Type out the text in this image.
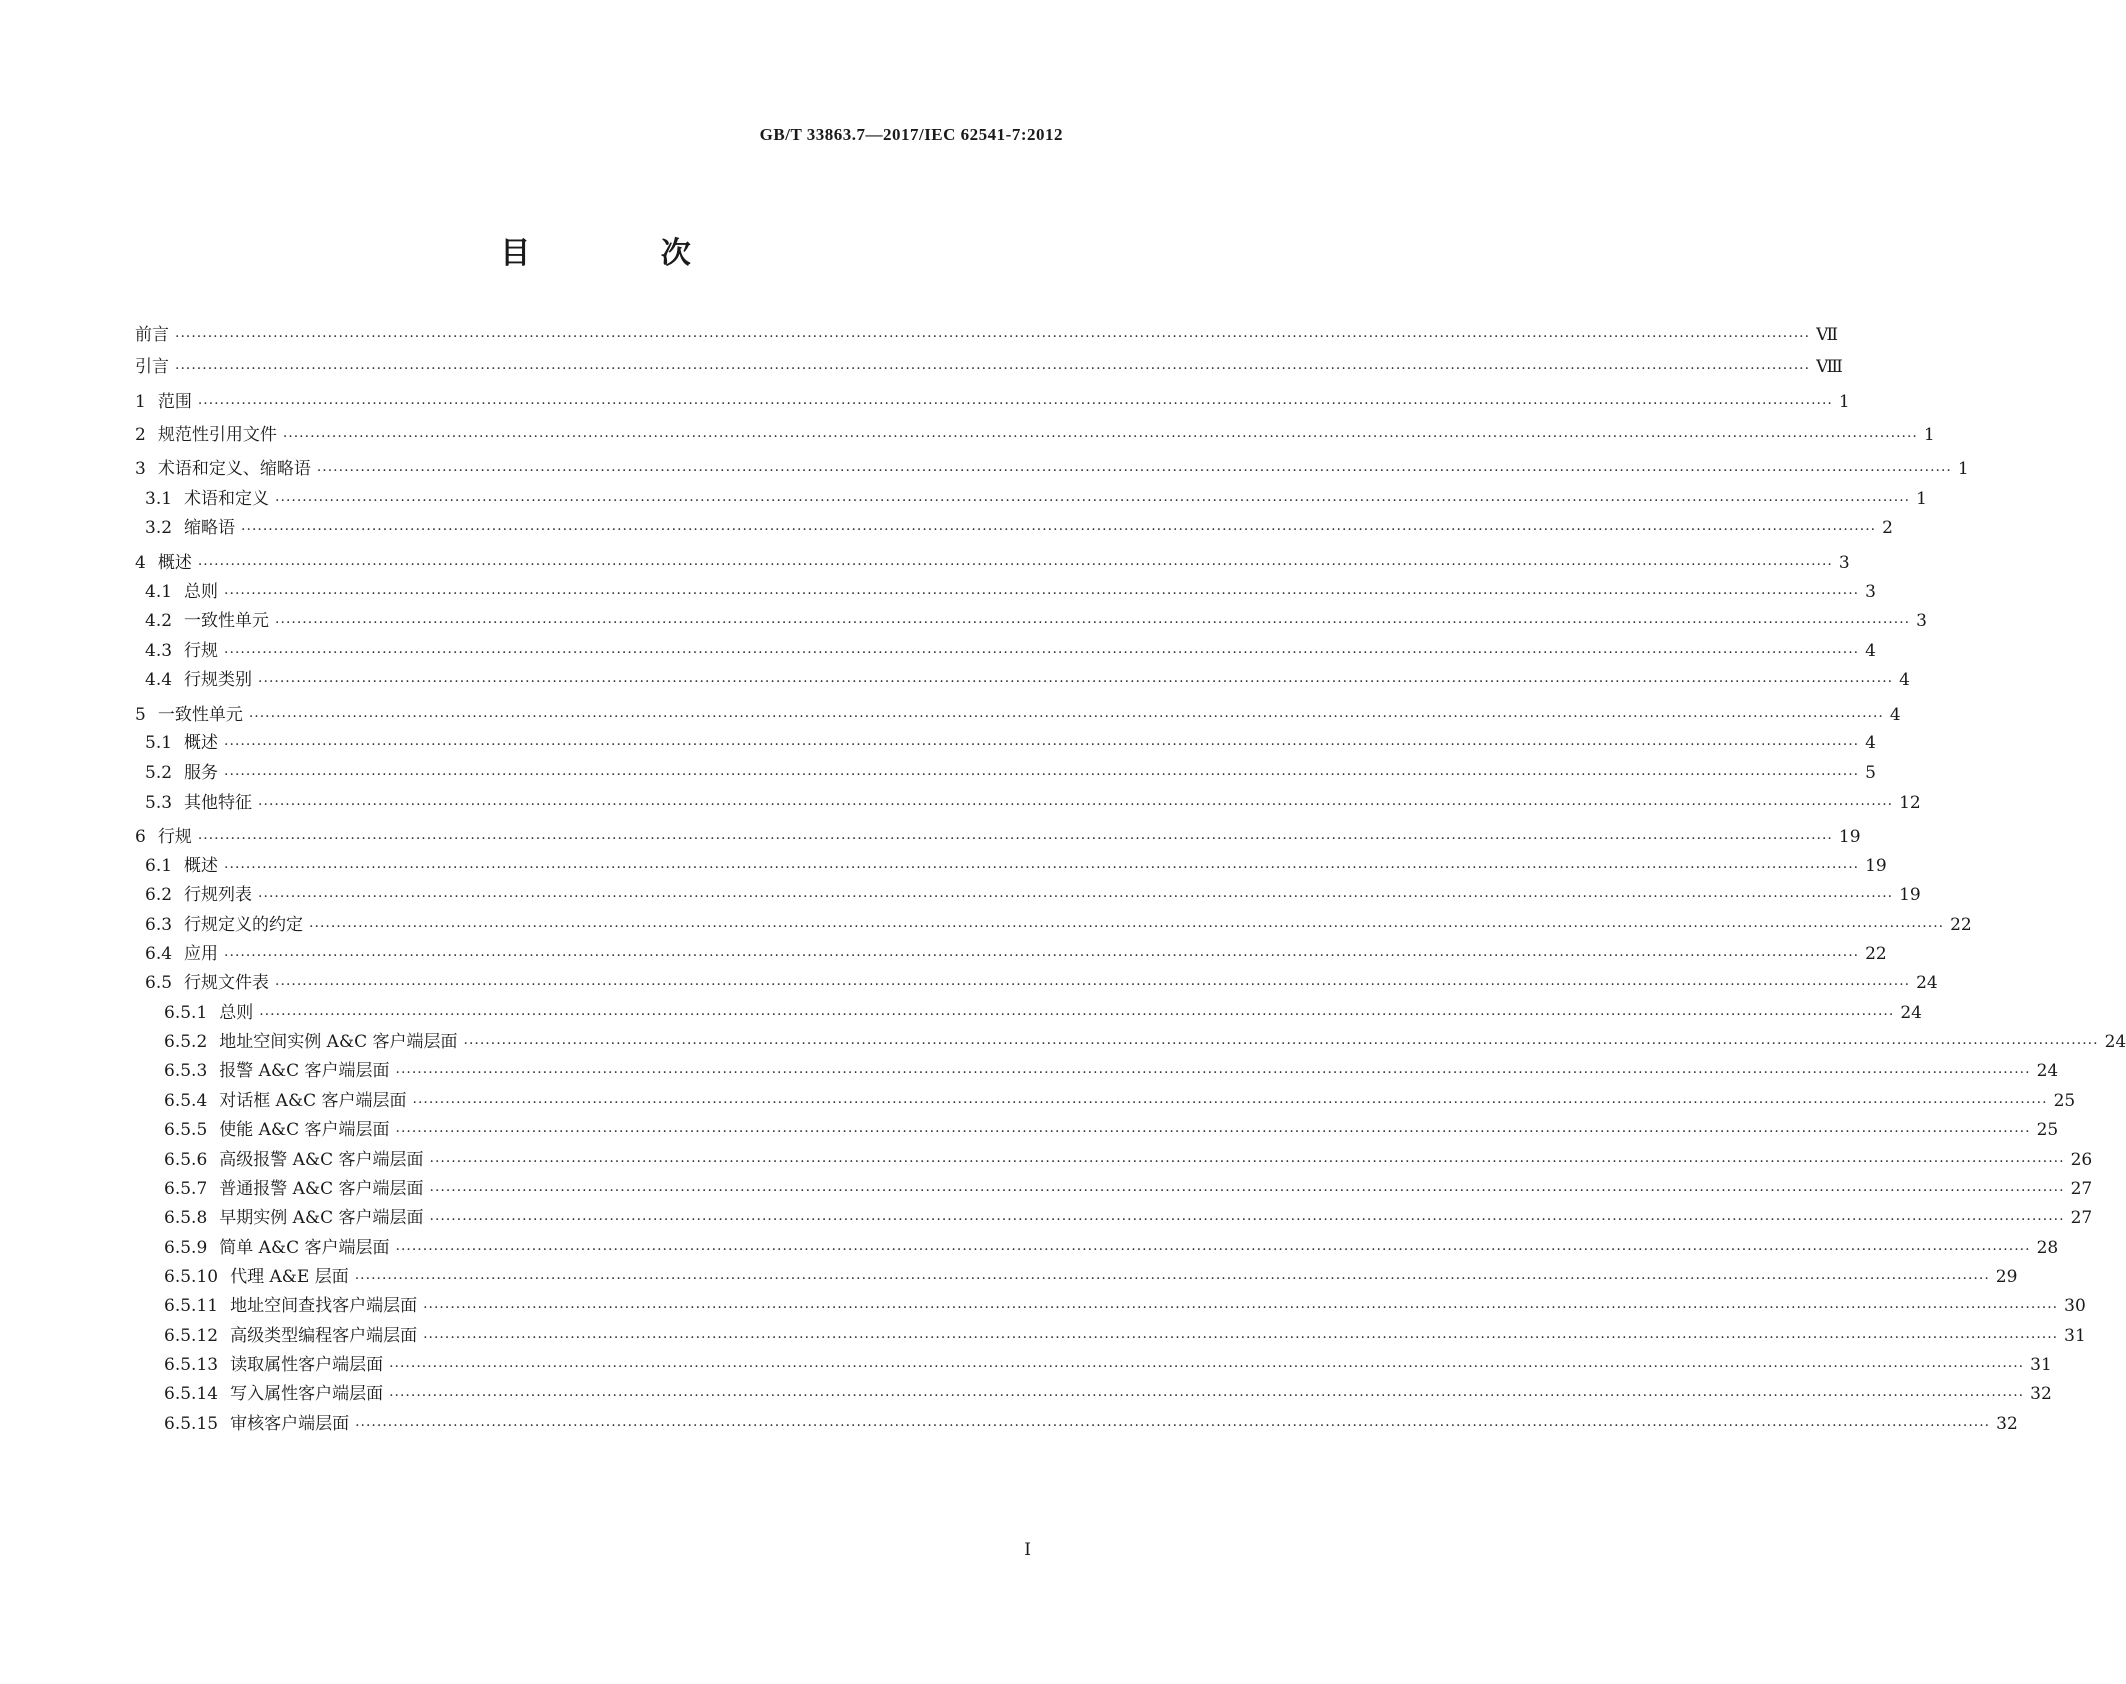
GB/T 33863.7—2017/IEC 62541-7:2012
目 次
前言 ············································································································································································································································································································ Ⅶ
引言 ············································································································································································································································································································ Ⅷ
1 范围 ············································································································································································································································································································ 1
2 规范性引用文件 ············································································································································································································································································································ 1
3 术语和定义、缩略语 ············································································································································································································································································································ 1
3.1 术语和定义 ············································································································································································································································································································ 1
3.2 缩略语 ············································································································································································································································································································ 2
4 概述 ············································································································································································································································································································ 3
4.1 总则 ············································································································································································································································································································ 3
4.2 一致性单元 ············································································································································································································································································································ 3
4.3 行规 ············································································································································································································································································································ 4
4.4 行规类别 ············································································································································································································································································································ 4
5 一致性单元 ············································································································································································································································································································ 4
5.1 概述 ············································································································································································································································································································ 4
5.2 服务 ············································································································································································································································································································ 5
5.3 其他特征 ············································································································································································································································································································ 12
6 行规 ············································································································································································································································································································ 19
6.1 概述 ············································································································································································································································································································ 19
6.2 行规列表 ············································································································································································································································································································ 19
6.3 行规定义的约定 ············································································································································································································································································································ 22
6.4 应用 ············································································································································································································································································································ 22
6.5 行规文件表 ············································································································································································································································································································ 24
6.5.1 总则 ············································································································································································································································································································ 24
6.5.2 地址空间实例 A&C 客户端层面 ············································································································································································································································································································ 24
6.5.3 报警 A&C 客户端层面 ············································································································································································································································································································ 24
6.5.4 对话框 A&C 客户端层面 ············································································································································································································································································································ 25
6.5.5 使能 A&C 客户端层面 ············································································································································································································································································································ 25
6.5.6 高级报警 A&C 客户端层面 ············································································································································································································································································································ 26
6.5.7 普通报警 A&C 客户端层面 ············································································································································································································································································································ 27
6.5.8 早期实例 A&C 客户端层面 ············································································································································································································································································································ 27
6.5.9 简单 A&C 客户端层面 ············································································································································································································································································································ 28
6.5.10 代理 A&E 层面 ············································································································································································································································································································ 29
6.5.11 地址空间查找客户端层面 ············································································································································································································································································································ 30
6.5.12 高级类型编程客户端层面 ············································································································································································································································································································ 31
6.5.13 读取属性客户端层面 ············································································································································································································································································································ 31
6.5.14 写入属性客户端层面 ············································································································································································································································································································ 32
6.5.15 审核客户端层面 ············································································································································································································································································································ 32
I
